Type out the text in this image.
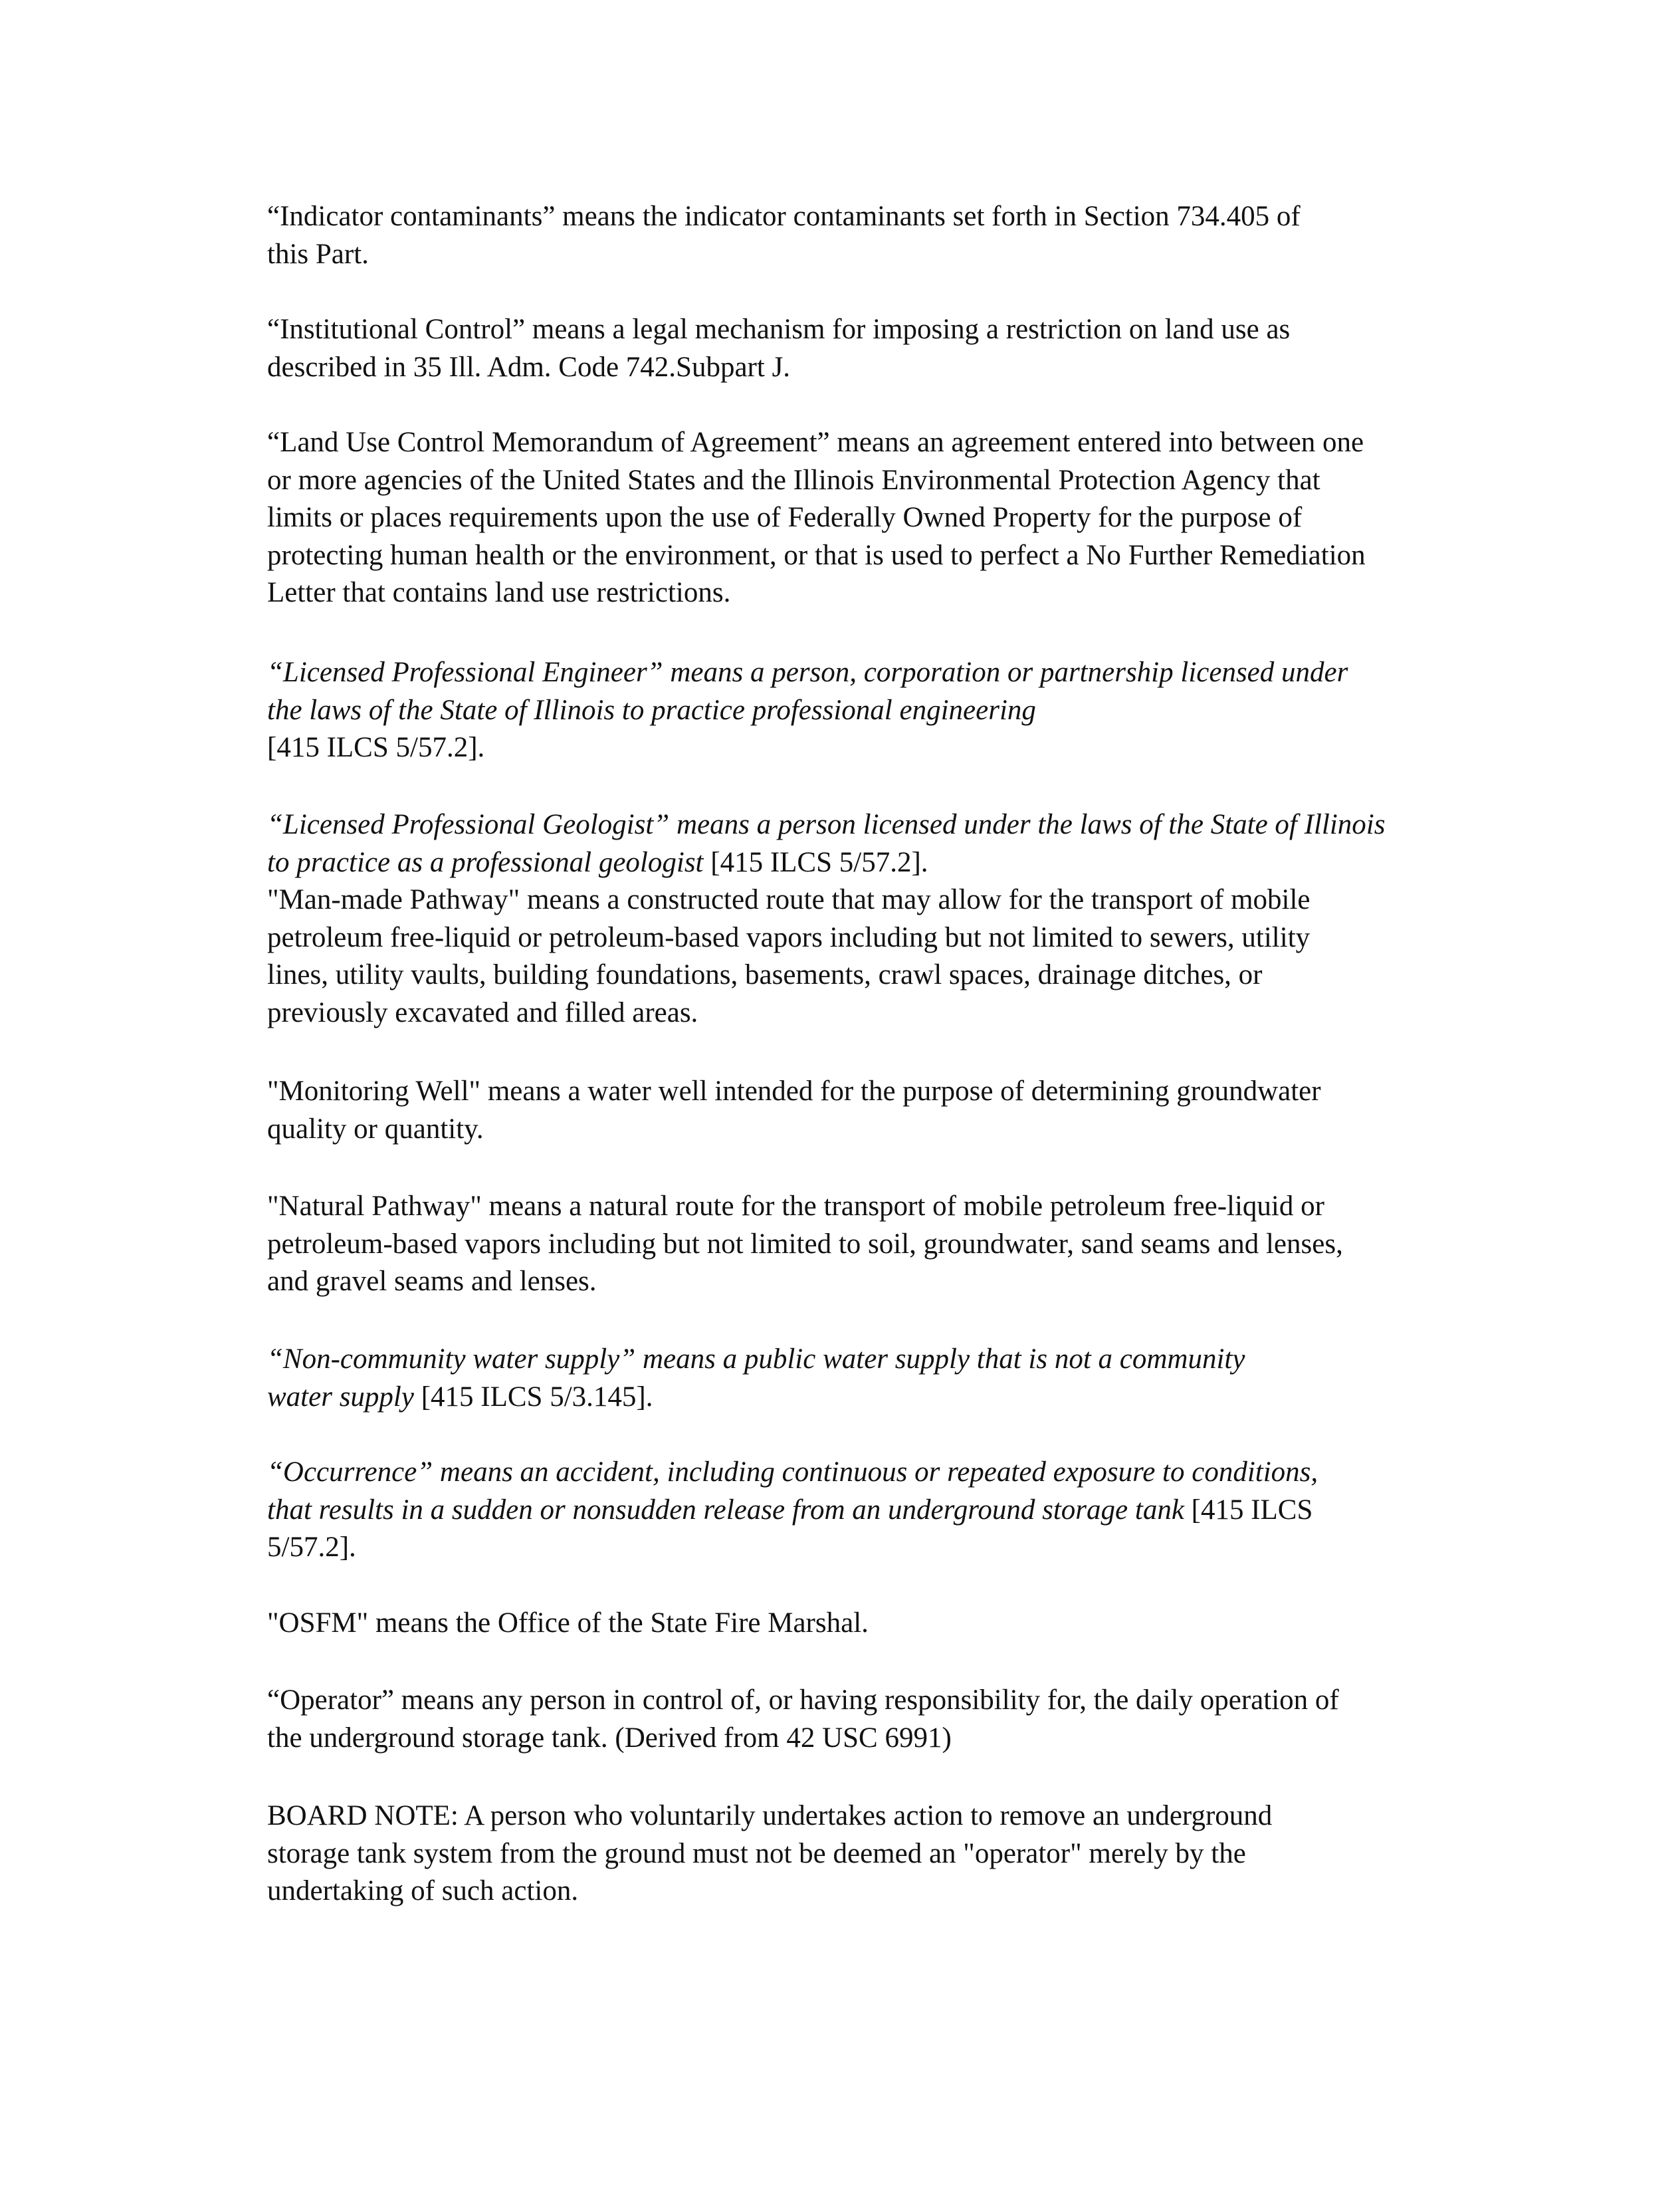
“Indicator contaminants” means the indicator contaminants set forth in Section 734.405 of
this Part.

“Institutional Control” means a legal mechanism for imposing a restriction on land use as
described in 35 Ill. Adm. Code 742.Subpart J.

“Land Use Control Memorandum of Agreement” means an agreement entered into between one
or more agencies of the United States and the Illinois Environmental Protection Agency that
limits or places requirements upon the use of Federally Owned Property for the purpose of
protecting human health or the environment, or that is used to perfect a No Further Remediation
Letter that contains land use restrictions.

“Licensed Professional Engineer” means a person, corporation or partnership licensed under
the laws of the State of Illinois to practice professional engineering
[415 ILCS 5/57.2].

“Licensed Professional Geologist” means a person licensed under the laws of the State of Illinois
to practice as a professional geologist [415 ILCS 5/57.2].

"Man-made Pathway" means a constructed route that may allow for the transport of mobile
petroleum free-liquid or petroleum-based vapors including but not limited to sewers, utility
lines, utility vaults, building foundations, basements, crawl spaces, drainage ditches, or
previously excavated and filled areas.

"Monitoring Well" means a water well intended for the purpose of determining groundwater
quality or quantity.

"Natural Pathway" means a natural route for the transport of mobile petroleum free-liquid or
petroleum-based vapors including but not limited to soil, groundwater, sand seams and lenses,
and gravel seams and lenses.

“Non-community water supply” means a public water supply that is not a community
water supply [415 ILCS 5/3.145].

“Occurrence” means an accident, including continuous or repeated exposure to conditions,
that results in a sudden or nonsudden release from an underground storage tank [415 ILCS
5/57.2].

"OSFM" means the Office of the State Fire Marshal.

“Operator” means any person in control of, or having responsibility for, the daily operation of
the underground storage tank. (Derived from 42 USC 6991)

BOARD NOTE: A person who voluntarily undertakes action to remove an underground
storage tank system from the ground must not be deemed an "operator" merely by the
undertaking of such action.
